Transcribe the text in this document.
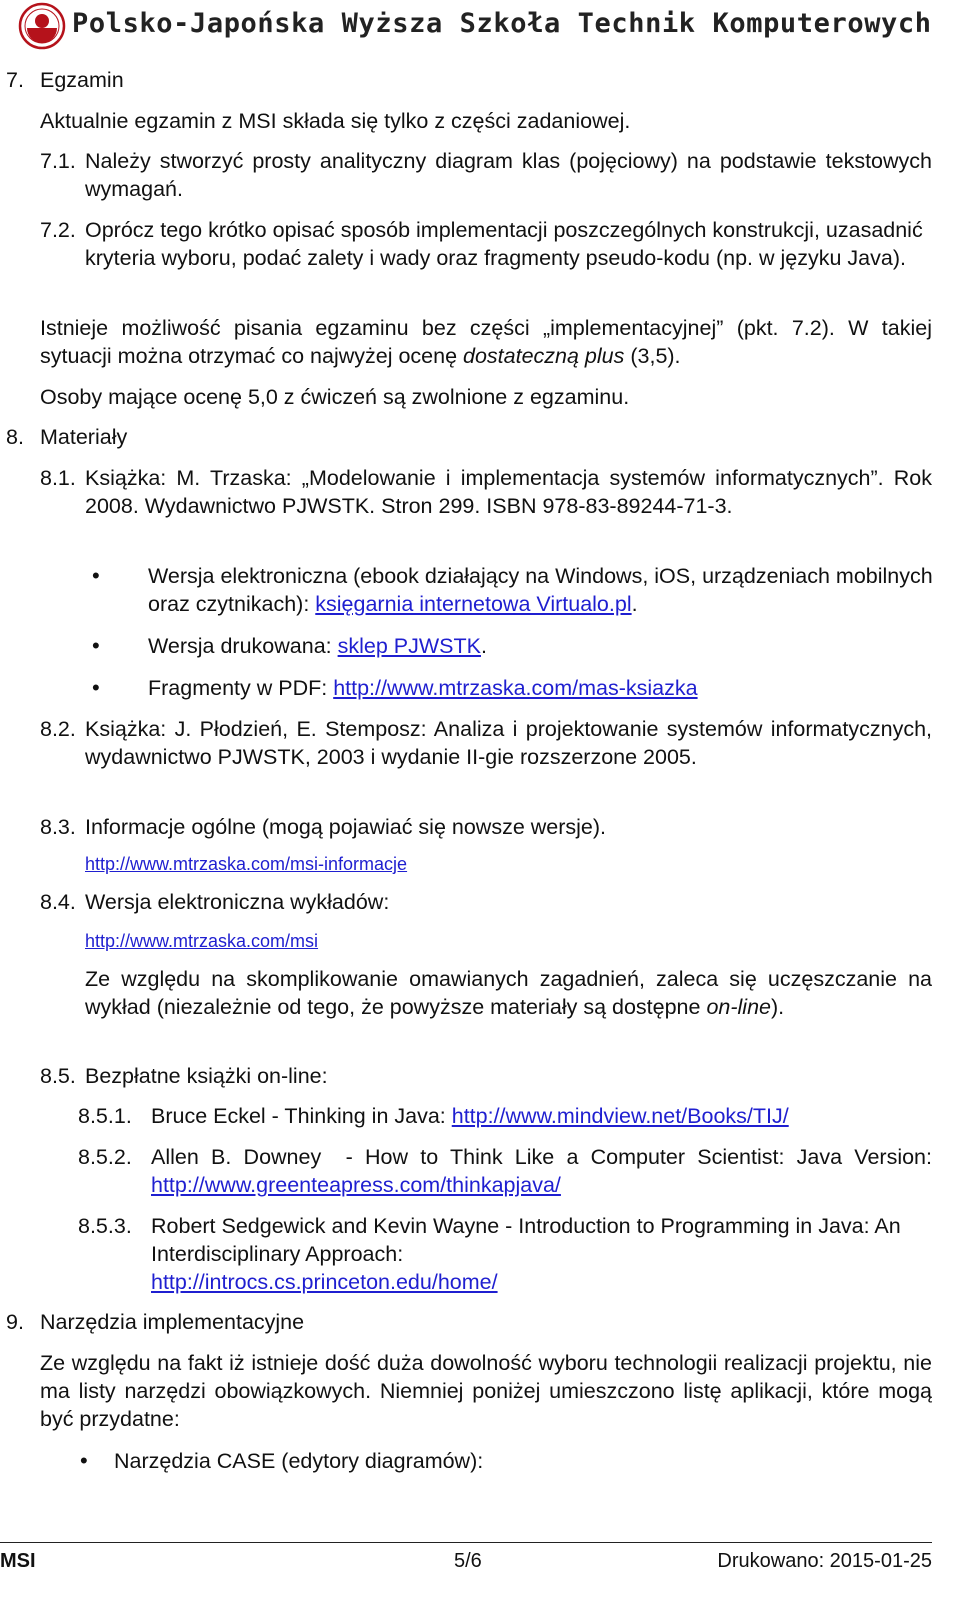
Polsko-Japońska Wyższa Szkoła Technik Komputerowych
7. Egzamin
Aktualnie egzamin z MSI składa się tylko z części zadaniowej.
7.1. Należy stworzyć prosty analityczny diagram klas (pojęciowy) na podstawie tekstowych wymagań.
7.2. Oprócz tego krótko opisać sposób implementacji poszczególnych konstrukcji, uzasadnić kryteria wyboru, podać zalety i wady oraz fragmenty pseudo-kodu (np. w języku Java).
Istnieje możliwość pisania egzaminu bez części „implementacyjnej” (pkt. 7.2). W takiej sytuacji można otrzymać co najwyżej ocenę dostateczną plus (3,5).
Osoby mające ocenę 5,0 z ćwiczeń są zwolnione z egzaminu.
8. Materiały
8.1. Książka: M. Trzaska: „Modelowanie i implementacja systemów informatycznych”. Rok 2008. Wydawnictwo PJWSTK. Stron 299. ISBN 978-83-89244-71-3.
• Wersja elektroniczna (ebook działający na Windows, iOS, urządzeniach mobilnych oraz czytnikach): księgarnia internetowa Virtualo.pl.
• Wersja drukowana: sklep PJWSTK.
• Fragmenty w PDF: http://www.mtrzaska.com/mas-ksiazka
8.2. Książka: J. Płodzień, E. Stemposz: Analiza i projektowanie systemów informatycznych, wydawnictwo PJWSTK, 2003 i wydanie II-gie rozszerzone 2005.
8.3. Informacje ogólne (mogą pojawiać się nowsze wersje).
http://www.mtrzaska.com/msi-informacje
8.4. Wersja elektroniczna wykładów:
http://www.mtrzaska.com/msi
Ze względu na skomplikowanie omawianych zagadnień, zaleca się uczęszczanie na wykład (niezależnie od tego, że powyższe materiały są dostępne on-line).
8.5. Bezpłatne książki on-line:
8.5.1. Bruce Eckel - Thinking in Java: http://www.mindview.net/Books/TIJ/
8.5.2. Allen B. Downey  - How to Think Like a Computer Scientist: Java Version: http://www.greenteapress.com/thinkapjava/
8.5.3. Robert Sedgewick and Kevin Wayne - Introduction to Programming in Java: An Interdisciplinary Approach:
http://introcs.cs.princeton.edu/home/
9. Narzędzia implementacyjne
Ze względu na fakt iż istnieje dość duża dowolność wyboru technologii realizacji projektu, nie ma listy narzędzi obowiązkowych. Niemniej poniżej umieszczono listę aplikacji, które mogą być przydatne:
• Narzędzia CASE (edytory diagramów):
MSI	5/6	Drukowano: 2015-01-25
